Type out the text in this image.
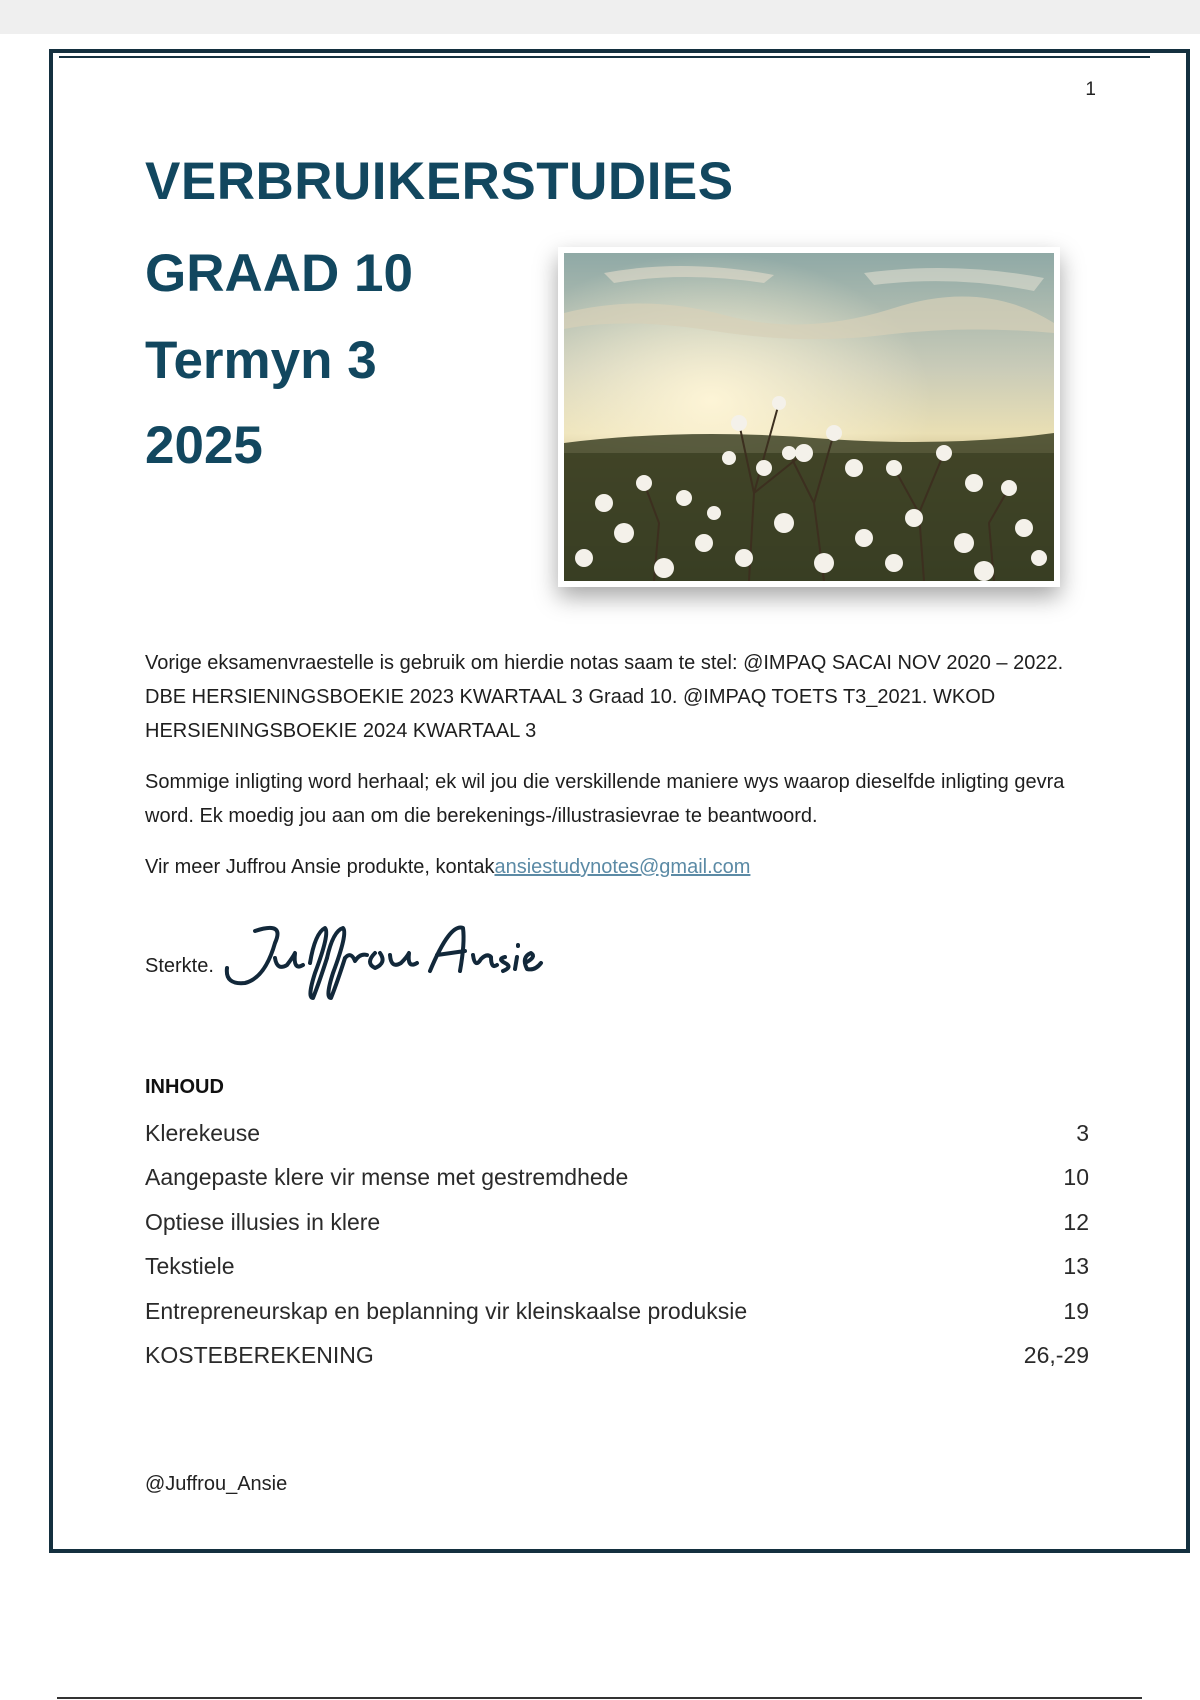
1
VERBRUIKERSTUDIES
GRAAD 10
Termyn 3
2025

Vorige eksamenvraestelle is gebruik om hierdie notas saam te stel: @IMPAQ SACAI NOV 2020 – 2022. DBE HERSIENINGSBOEKIE 2023 KWARTAAL 3 Graad 10. @IMPAQ TOETS T3_2021. WKOD HERSIENINGSBOEKIE 2024 KWARTAAL 3

Sommige inligting word herhaal; ek wil jou die verskillende maniere wys waarop dieselfde inligting gevra word. Ek moedig jou aan om die berekenings-/illustrasievrae te beantwoord.

Vir meer Juffrou Ansie produkte, kontakansiestudynotes@gmail.com

Sterkte.
INHOUD
Klerekeuse	3
Aangepaste klere vir mense met gestremdhede	10
Optiese illusies in klere	12
Tekstiele	13
Entrepreneurskap en beplanning vir kleinskaalse produksie	19
KOSTEBEREKENING	26,-29
@Juffrou_Ansie
